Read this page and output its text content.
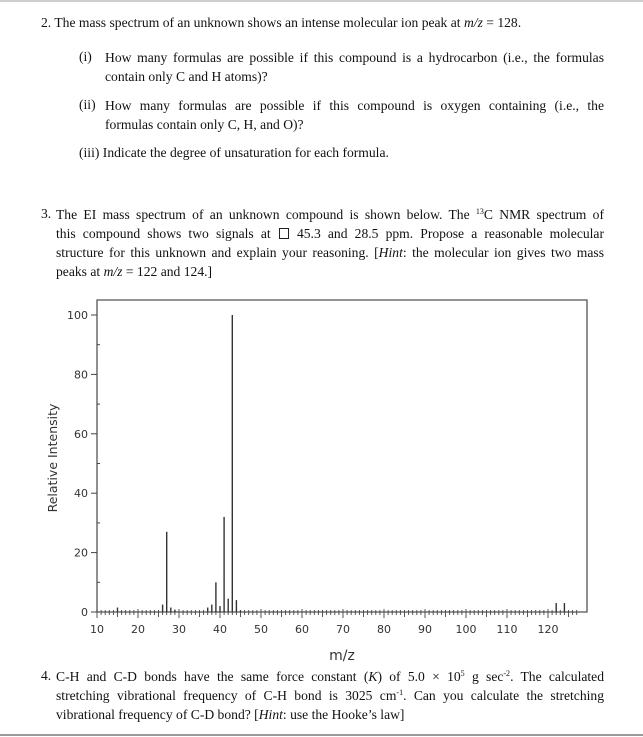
2. The mass spectrum of an unknown shows an intense molecular ion peak at m/z = 128.
(i) How many formulas are possible if this compound is a hydrocarbon (i.e., the formulas
contain only C and H atoms)?
(ii) How many formulas are possible if this compound is oxygen containing (i.e., the
formulas contain only C, H, and O)?
(iii) Indicate the degree of unsaturation for each formula.
3. The EI mass spectrum of an unknown compound is shown below. The $^{13}$C NMR spectrum of
this compound shows two signals at  45.3 and 28.5 ppm. Propose a reasonable molecular
structure for this unknown and explain your reasoning. [Hint: the molecular ion gives two mass
peaks at m/z = 122 and 124.]
0
20
40
60
80
100
10 20 30 40 50 60 70 80 90 100 110 120
Relative Intensity
m/z
4. C-H and C-D bonds have the same force constant (K) of $5.0 \times 10^5$ g $\sec^{-2}$. The calculated
stretching vibrational frequency of C-H bond is 3025 $cm^{-1}$. Can you calculate the stretching
vibrational frequency of C-D bond? [Hint: use the Hooke’s law]
